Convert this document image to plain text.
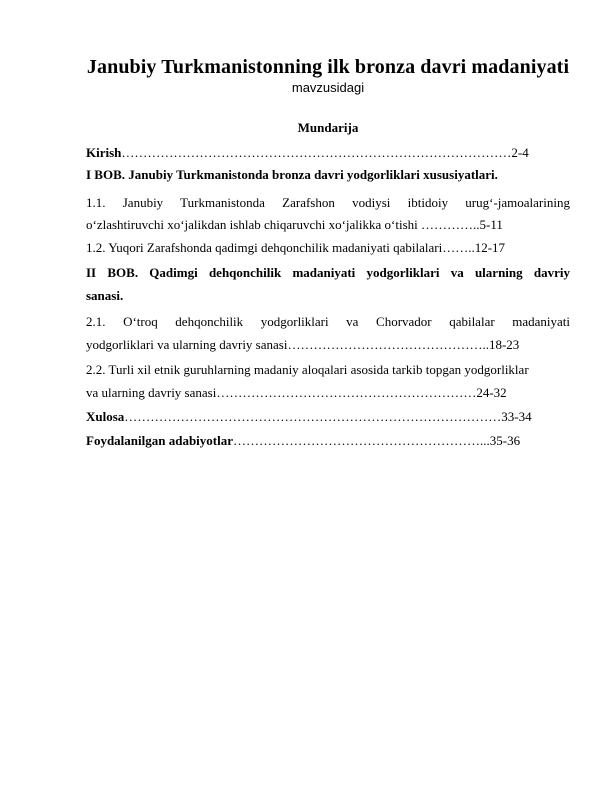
Janubiy Turkmanistonning ilk bronza davri madaniyati
mavzusidagi
Mundarija
Kirish………………………………………………………………………………2-4
I BOB. Janubiy Turkmanistonda bronza davri yodgorliklari xususiyatlari.
1.1. Janubiy Turkmanistonda Zarafshon vodiysi ibtidoiy urug‘-jamoalarining
o‘zlashtiruvchi xo‘jalikdan ishlab chiqaruvchi xo‘jalikka o‘tishi …………..5-11
1.2. Yuqori Zarafshonda qadimgi dehqonchilik madaniyati qabilalari……..12-17
II BOB. Qadimgi dehqonchilik madaniyati yodgorliklari va ularning davriy
sanasi.
2.1. O‘troq dehqonchilik yodgorliklari va Chorvador qabilalar madaniyati
yodgorliklari va ularning davriy sanasi………………………………………..18-23
2.2. Turli xil etnik guruhlarning madaniy aloqalari asosida tarkib topgan yodgorliklar
va ularning davriy sanasi……………………………………………………24-32
Xulosa……………………………………………………………………………33-34
Foydalanilgan adabiyotlar…………………………………………………...35-36
